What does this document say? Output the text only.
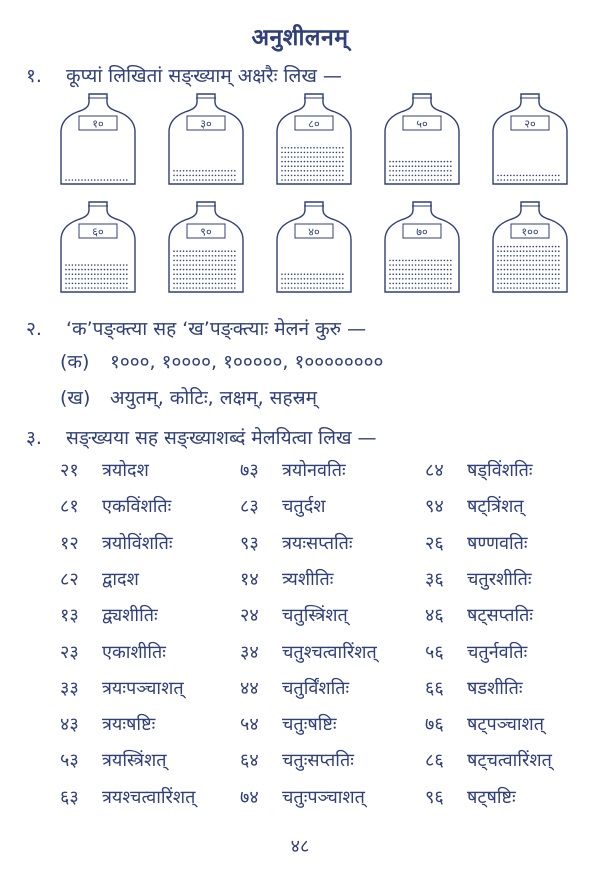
अनुशीलनम्
१. कूप्यां लिखितां सङ्ख्याम् अक्षरैः लिख —
१०	३०	८०	५०	२०
६०	९०	४०	७०	१००
२. ‘क’पङ्क्त्या सह ‘ख’पङ्क्त्याः मेलनं कुरु —
(क) १०००, १००००, १०००००, १००००००००
(ख) अयुतम्, कोटिः, लक्षम्, सहस्रम्
३. सङ्ख्यया सह सङ्ख्याशब्दं मेलयित्वा लिख —
२१ त्रयोदश	७३ त्रयोनवतिः	८४ षड्विंशतिः
८१ एकविंशतिः	८३ चतुर्दश	९४ षट्त्रिंशत्
१२ त्रयोविंशतिः	९३ त्रयःसप्ततिः	२६ षण्णवतिः
८२ द्वादश	१४ त्र्यशीतिः	३६ चतुरशीतिः
१३ द्व्यशीतिः	२४ चतुस्त्रिंशत्	४६ षट्सप्ततिः
२३ एकाशीतिः	३४ चतुश्चत्वारिंशत्	५६ चतुर्नवतिः
३३ त्रयःपञ्चाशत्	४४ चतुर्विंशतिः	६६ षडशीतिः
४३ त्रयःषष्टिः	५४ चतुःषष्टिः	७६ षट्पञ्चाशत्
५३ त्रयस्त्रिंशत्	६४ चतुःसप्ततिः	८६ षट्चत्वारिंशत्
६३ त्रयश्चत्वारिंशत् ७४ चतुःपञ्चाशत्	९६ षट्षष्टिः
४८
